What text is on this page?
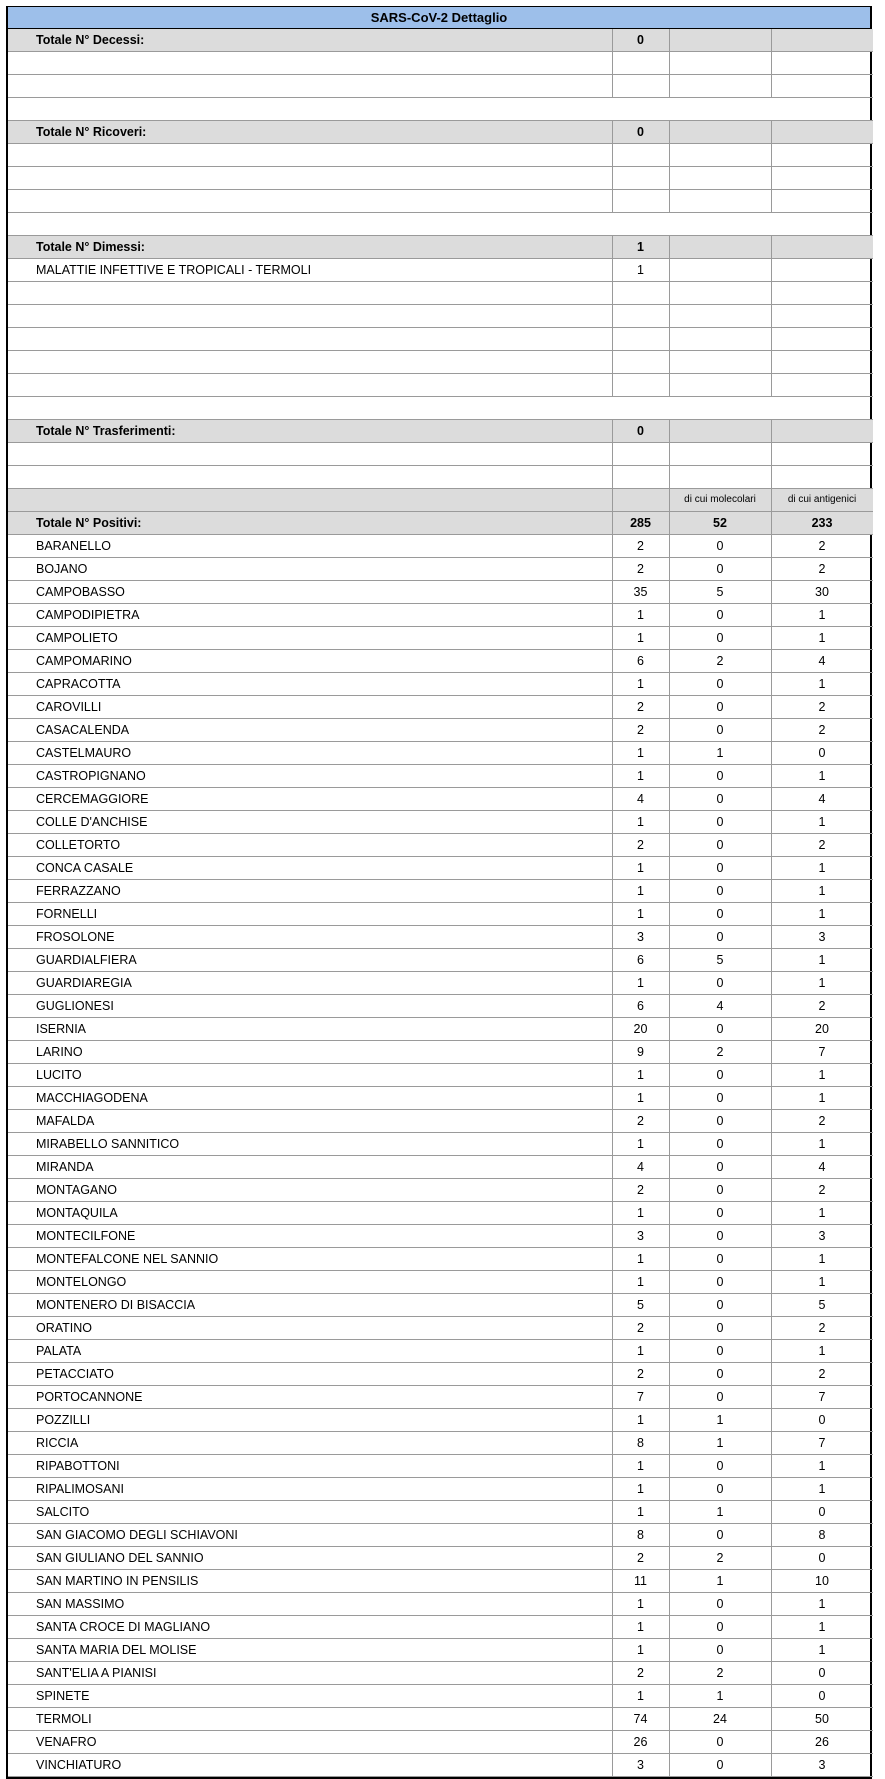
SARS-CoV-2 Dettaglio
Totale N° Decessi:	0		

Totale N° Ricoveri:	0		

Totale N° Dimessi:	1		
MALATTIE INFETTIVE E TROPICALI - TERMOLI	1		

Totale N° Trasferimenti:	0		

		di cui molecolari	di cui antigenici
Totale N° Positivi:	285	52	233
BARANELLO	2	0	2
BOJANO	2	0	2
CAMPOBASSO	35	5	30
CAMPODIPIETRA	1	0	1
CAMPOLIETO	1	0	1
CAMPOMARINO	6	2	4
CAPRACOTTA	1	0	1
CAROVILLI	2	0	2
CASACALENDA	2	0	2
CASTELMAURO	1	1	0
CASTROPIGNANO	1	0	1
CERCEMAGGIORE	4	0	4
COLLE D'ANCHISE	1	0	1
COLLETORTO	2	0	2
CONCA CASALE	1	0	1
FERRAZZANO	1	0	1
FORNELLI	1	0	1
FROSOLONE	3	0	3
GUARDIALFIERA	6	5	1
GUARDIAREGIA	1	0	1
GUGLIONESI	6	4	2
ISERNIA	20	0	20
LARINO	9	2	7
LUCITO	1	0	1
MACCHIAGODENA	1	0	1
MAFALDA	2	0	2
MIRABELLO SANNITICO	1	0	1
MIRANDA	4	0	4
MONTAGANO	2	0	2
MONTAQUILA	1	0	1
MONTECILFONE	3	0	3
MONTEFALCONE NEL SANNIO	1	0	1
MONTELONGO	1	0	1
MONTENERO DI BISACCIA	5	0	5
ORATINO	2	0	2
PALATA	1	0	1
PETACCIATO	2	0	2
PORTOCANNONE	7	0	7
POZZILLI	1	1	0
RICCIA	8	1	7
RIPABOTTONI	1	0	1
RIPALIMOSANI	1	0	1
SALCITO	1	1	0
SAN GIACOMO DEGLI SCHIAVONI	8	0	8
SAN GIULIANO DEL SANNIO	2	2	0
SAN MARTINO IN PENSILIS	11	1	10
SAN MASSIMO	1	0	1
SANTA CROCE DI MAGLIANO	1	0	1
SANTA MARIA DEL MOLISE	1	0	1
SANT'ELIA A PIANISI	2	2	0
SPINETE	1	1	0
TERMOLI	74	24	50
VENAFRO	26	0	26
VINCHIATURO	3	0	3
